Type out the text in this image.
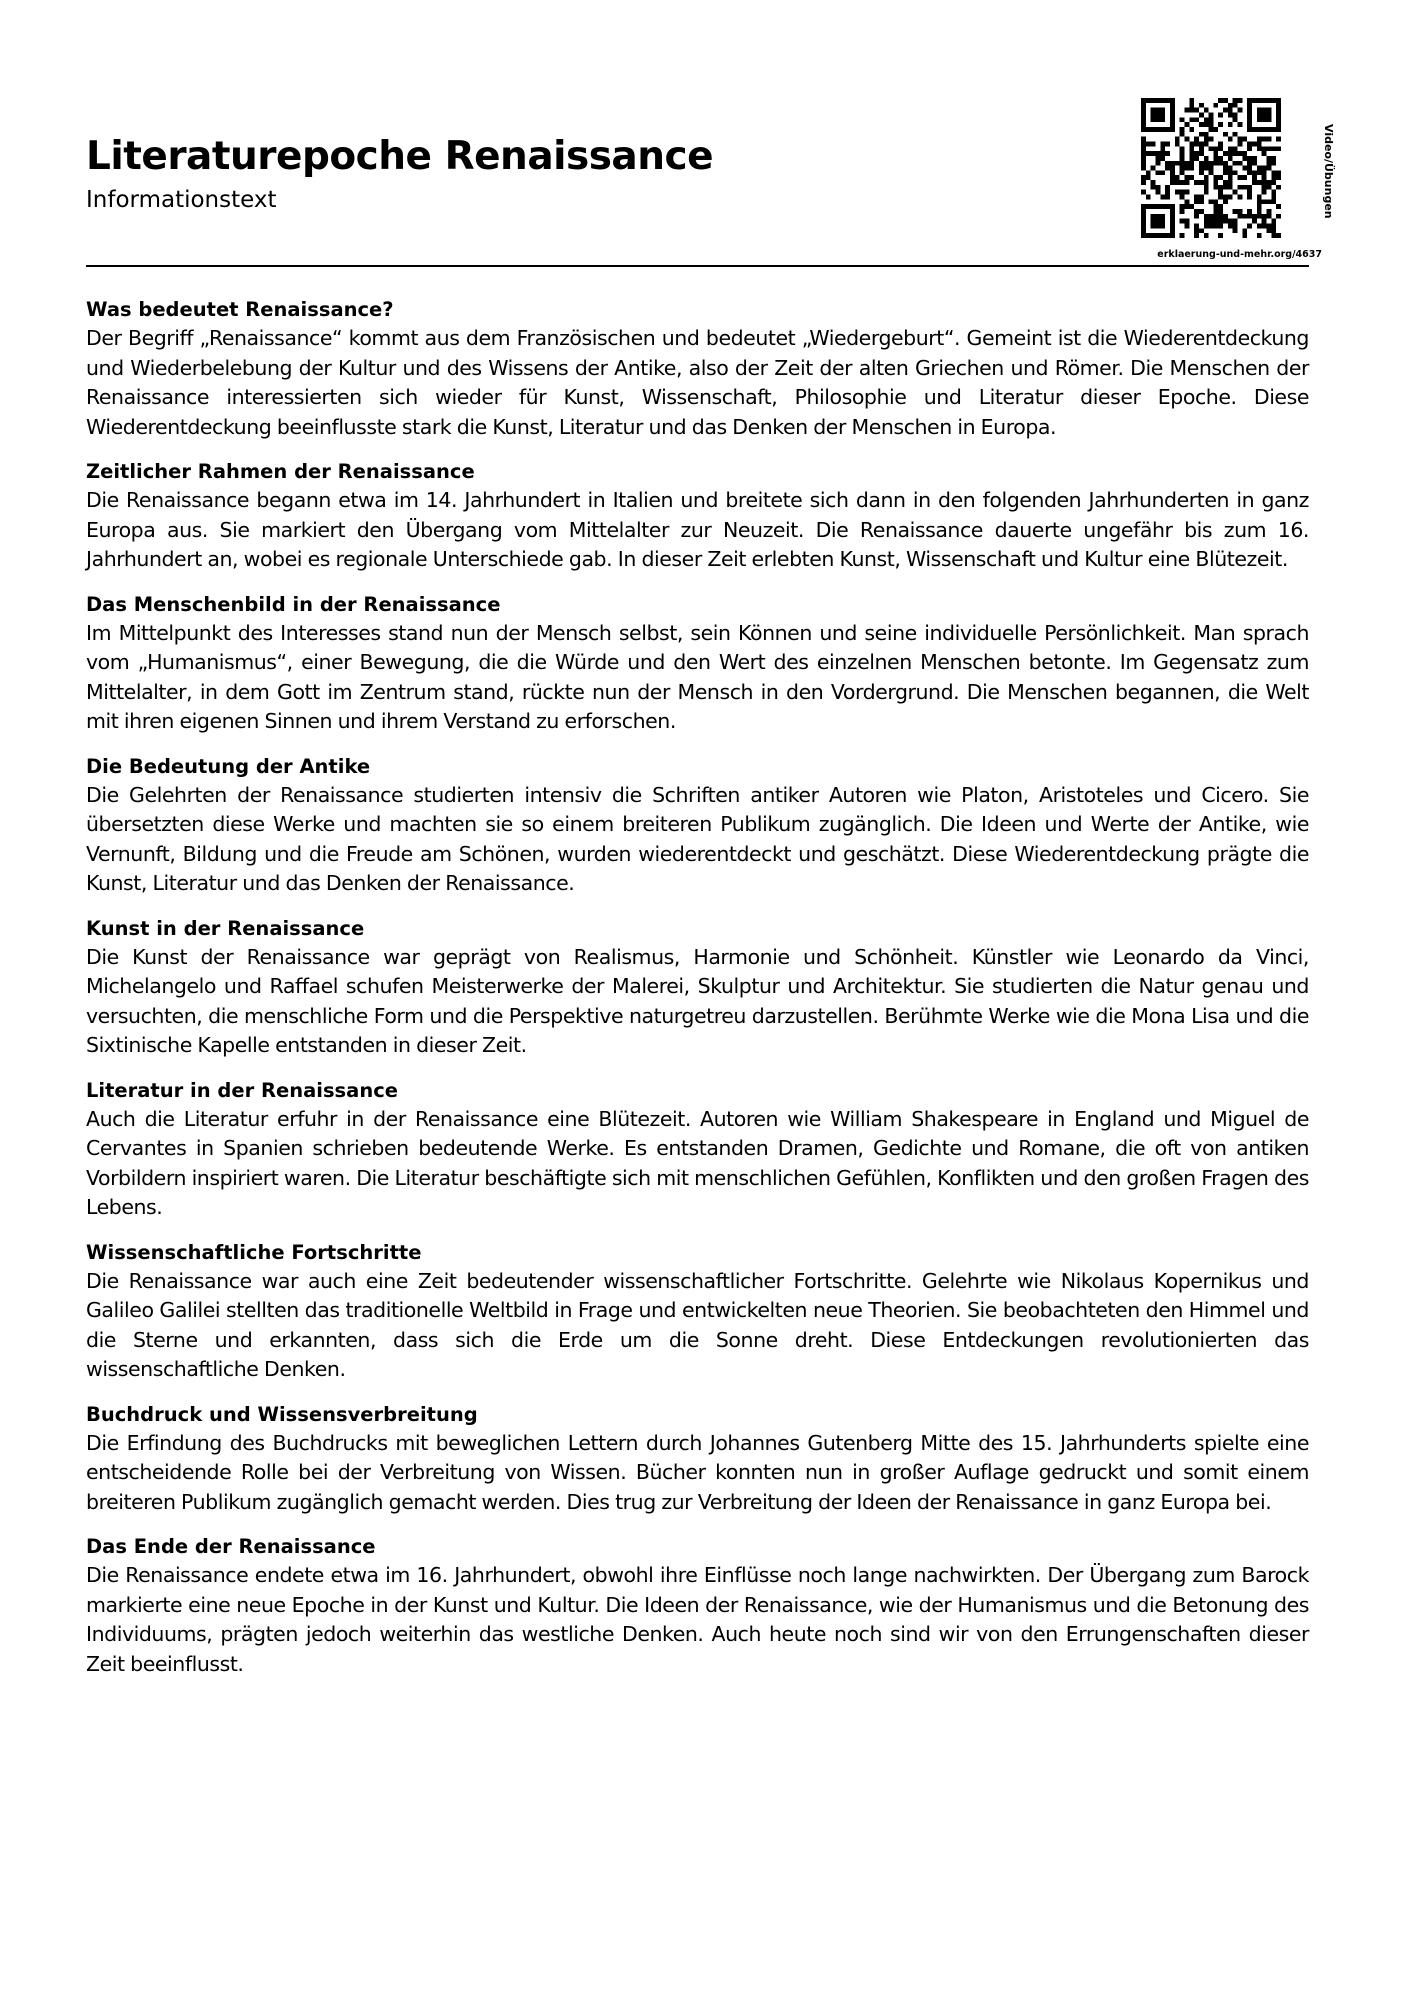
Literaturepoche Renaissance
Informationstext	Video/Übungen
erklaerung-und-mehr.org/4637
Was bedeutet Renaissance?

Der Begriff „Renaissance“ kommt aus dem Französischen und bedeutet „Wiedergeburt“. Gemeint ist die Wiederentdeckung und Wiederbelebung der Kultur und des Wissens der Antike, also der Zeit der alten Griechen und Römer. Die Menschen der Renaissance interessierten sich wieder für Kunst, Wissenschaft, Philosophie und Literatur dieser Epoche. Diese Wiederentdeckung beeinflusste stark die Kunst, Literatur und das Denken der Menschen in Europa.

Zeitlicher Rahmen der Renaissance

Die Renaissance begann etwa im 14. Jahrhundert in Italien und breitete sich dann in den folgenden Jahrhunderten in ganz Europa aus. Sie markiert den Übergang vom Mittelalter zur Neuzeit. Die Renaissance dauerte ungefähr bis zum 16. Jahrhundert an, wobei es regionale Unterschiede gab. In dieser Zeit erlebten Kunst, Wissenschaft und Kultur eine Blütezeit.

Das Menschenbild in der Renaissance

Im Mittelpunkt des Interesses stand nun der Mensch selbst, sein Können und seine individuelle Persönlichkeit. Man sprach vom „Humanismus“, einer Bewegung, die die Würde und den Wert des einzelnen Menschen betonte. Im Gegensatz zum Mittelalter, in dem Gott im Zentrum stand, rückte nun der Mensch in den Vordergrund. Die Menschen begannen, die Welt mit ihren eigenen Sinnen und ihrem Verstand zu erforschen.

Die Bedeutung der Antike

Die Gelehrten der Renaissance studierten intensiv die Schriften antiker Autoren wie Platon, Aristoteles und Cicero. Sie übersetzten diese Werke und machten sie so einem breiteren Publikum zugänglich. Die Ideen und Werte der Antike, wie Vernunft, Bildung und die Freude am Schönen, wurden wiederentdeckt und geschätzt. Diese Wiederentdeckung prägte die Kunst, Literatur und das Denken der Renaissance.

Kunst in der Renaissance

Die Kunst der Renaissance war geprägt von Realismus, Harmonie und Schönheit. Künstler wie Leonardo da Vinci, Michelangelo und Raffael schufen Meisterwerke der Malerei, Skulptur und Architektur. Sie studierten die Natur genau und versuchten, die menschliche Form und die Perspektive naturgetreu darzustellen. Berühmte Werke wie die Mona Lisa und die Sixtinische Kapelle entstanden in dieser Zeit.

Literatur in der Renaissance

Auch die Literatur erfuhr in der Renaissance eine Blütezeit. Autoren wie William Shakespeare in England und Miguel de Cervantes in Spanien schrieben bedeutende Werke. Es entstanden Dramen, Gedichte und Romane, die oft von antiken Vorbildern inspiriert waren. Die Literatur beschäftigte sich mit menschlichen Gefühlen, Konflikten und den großen Fragen des Lebens.

Wissenschaftliche Fortschritte

Die Renaissance war auch eine Zeit bedeutender wissenschaftlicher Fortschritte. Gelehrte wie Nikolaus Kopernikus und Galileo Galilei stellten das traditionelle Weltbild in Frage und entwickelten neue Theorien. Sie beobachteten den Himmel und die Sterne und erkannten, dass sich die Erde um die Sonne dreht. Diese Entdeckungen revolutionierten das wissenschaftliche Denken.

Buchdruck und Wissensverbreitung

Die Erfindung des Buchdrucks mit beweglichen Lettern durch Johannes Gutenberg Mitte des 15. Jahrhunderts spielte eine entscheidende Rolle bei der Verbreitung von Wissen. Bücher konnten nun in großer Auflage gedruckt und somit einem breiteren Publikum zugänglich gemacht werden. Dies trug zur Verbreitung der Ideen der Renaissance in ganz Europa bei.

Das Ende der Renaissance

Die Renaissance endete etwa im 16. Jahrhundert, obwohl ihre Einflüsse noch lange nachwirkten. Der Übergang zum Barock markierte eine neue Epoche in der Kunst und Kultur. Die Ideen der Renaissance, wie der Humanismus und die Betonung des Individuums, prägten jedoch weiterhin das westliche Denken. Auch heute noch sind wir von den Errungenschaften dieser Zeit beeinflusst.
